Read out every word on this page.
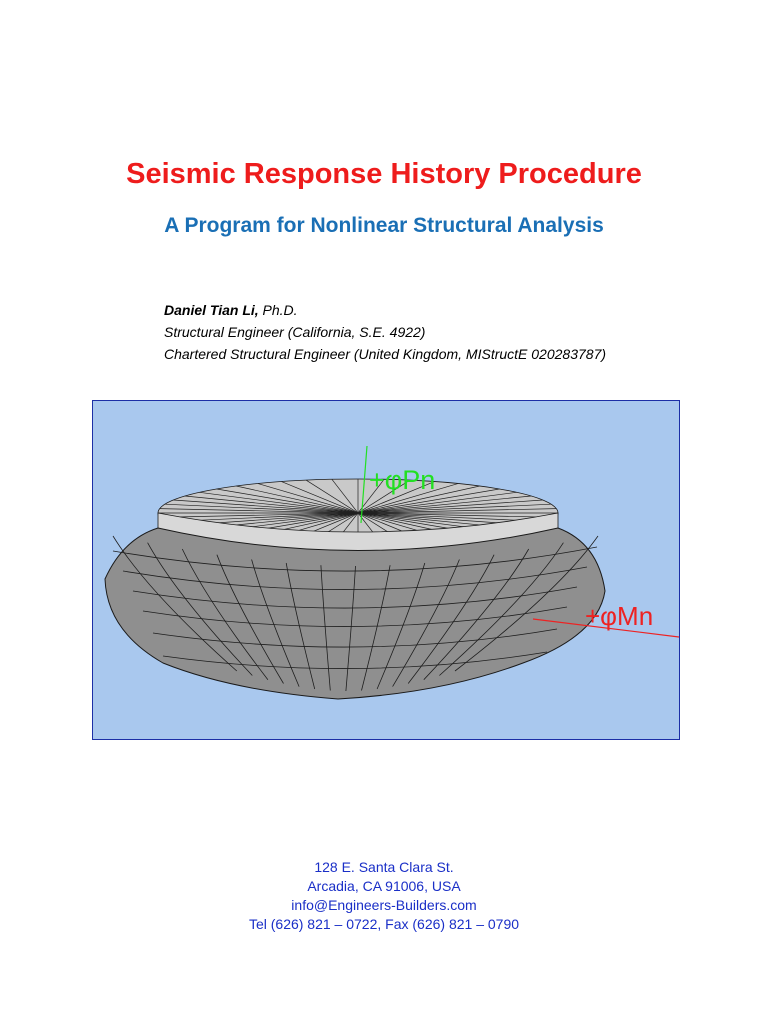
Seismic Response History Procedure
A Program for Nonlinear Structural Analysis
Daniel Tian Li, Ph.D.
Structural Engineer (California, S.E. 4922)
Chartered Structural Engineer (United Kingdom, MIStructE 020283787)
+φPn
+φMn
128 E. Santa Clara St.
Arcadia, CA 91006, USA
info@Engineers-Builders.com
Tel (626) 821 – 0722, Fax (626) 821 – 0790
